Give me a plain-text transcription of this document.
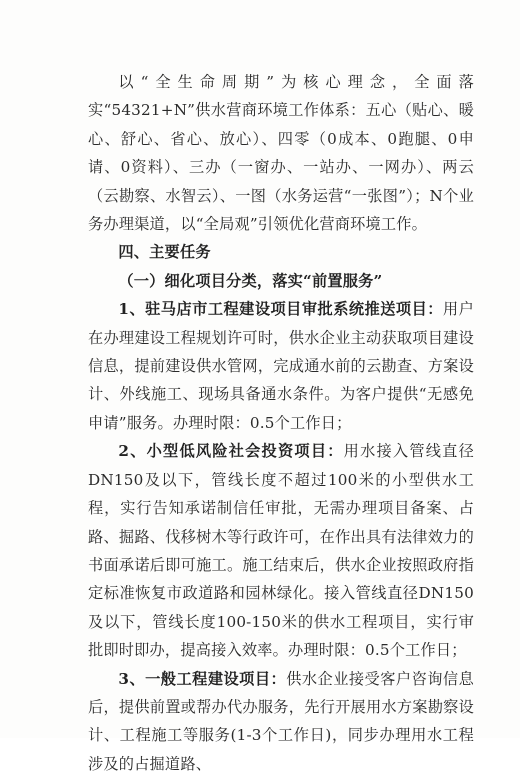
以“全生命周期”为核心理念，全面落实“54321+N”供水营商环境工作体系：五心（贴心、暖心、舒心、省心、放心）、四零（0成本、0跑腿、0申请、0资料）、三办（一窗办、一站办、一网办）、两云（云勘察、水智云）、一图（水务运营“一张图”）；N个业务办理渠道，以“全局观”引领优化营商环境工作。

四、主要任务

（一）细化项目分类，落实“前置服务”

1、驻马店市工程建设项目审批系统推送项目：用户在办理建设工程规划许可时，供水企业主动获取项目建设信息，提前建设供水管网，完成通水前的云勘查、方案设计、外线施工、现场具备通水条件。为客户提供“无感免申请”服务。办理时限：0.5个工作日；

2、小型低风险社会投资项目：用水接入管线直径 DN150及以下，管线长度不超过100米的小型供水工程，实行告知承诺制信任审批，无需办理项目备案、占路、掘路、伐移树木等行政许可，在作出具有法律效力的书面承诺后即可施工。施工结束后，供水企业按照政府指定标准恢复市政道路和园林绿化。接入管线直径DN150及以下，管线长度100-150米的供水工程项目，实行审批即时即办，提高接入效率。办理时限：0.5个工作日；

3、一般工程建设项目：供水企业接受客户咨询信息后，提供前置或帮办代办服务，先行开展用水方案勘察设计、工程施工等服务(1-3个工作日)，同步办理用水工程涉及的占掘道路、
